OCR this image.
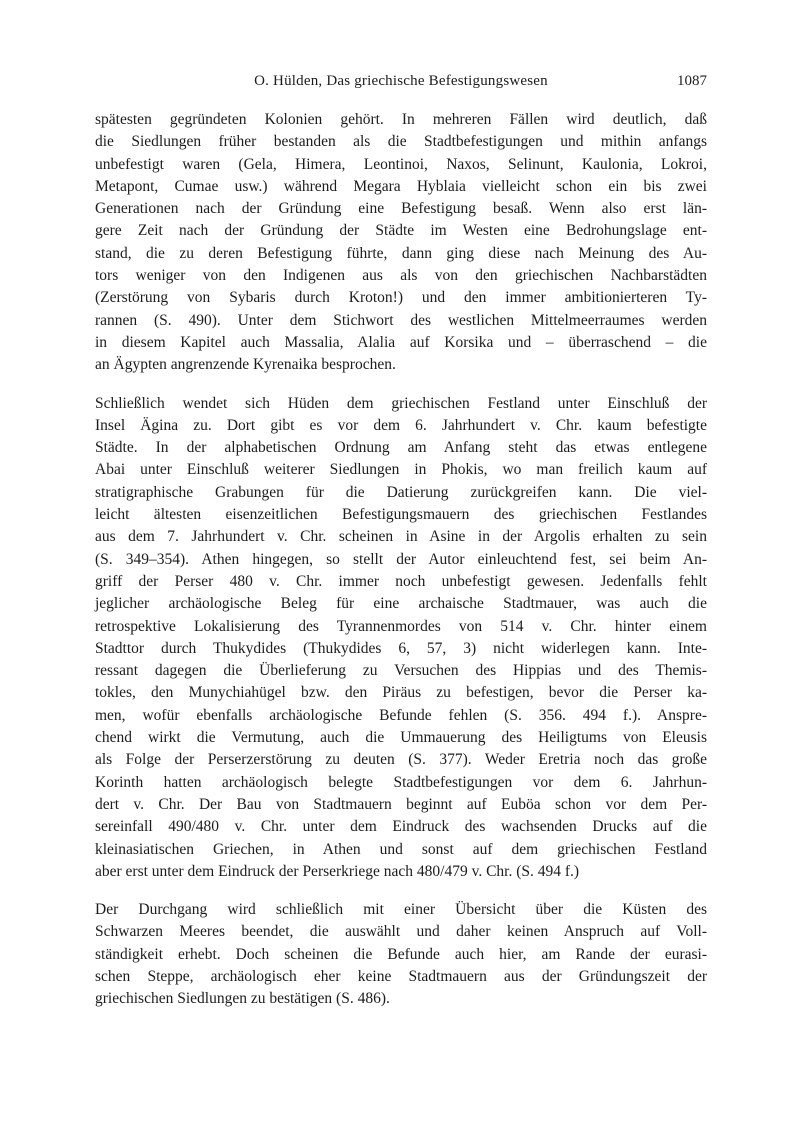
O. Hülden, Das griechische Befestigungswesen	1087
spätesten gegründeten Kolonien gehört. In mehreren Fällen wird deutlich, daß
die Siedlungen früher bestanden als die Stadtbefestigungen und mithin anfangs
unbefestigt waren (Gela, Himera, Leontinoi, Naxos, Selinunt, Kaulonia, Lokroi,
Metapont, Cumae usw.) während Megara Hyblaia vielleicht schon ein bis zwei
Generationen nach der Gründung eine Befestigung besaß. Wenn also erst län-
gere Zeit nach der Gründung der Städte im Westen eine Bedrohungslage ent-
stand, die zu deren Befestigung führte, dann ging diese nach Meinung des Au-
tors weniger von den Indigenen aus als von den griechischen Nachbarstädten
(Zerstörung von Sybaris durch Kroton!) und den immer ambitionierteren Ty-
rannen (S. 490). Unter dem Stichwort des westlichen Mittelmeerraumes werden
in diesem Kapitel auch Massalia, Alalia auf Korsika und – überraschend – die
an Ägypten angrenzende Kyrenaika besprochen.
Schließlich wendet sich Hüden dem griechischen Festland unter Einschluß der
Insel Ägina zu. Dort gibt es vor dem 6. Jahrhundert v. Chr. kaum befestigte
Städte. In der alphabetischen Ordnung am Anfang steht das etwas entlegene
Abai unter Einschluß weiterer Siedlungen in Phokis, wo man freilich kaum auf
stratigraphische Grabungen für die Datierung zurückgreifen kann. Die viel-
leicht ältesten eisenzeitlichen Befestigungsmauern des griechischen Festlandes
aus dem 7. Jahrhundert v. Chr. scheinen in Asine in der Argolis erhalten zu sein
(S. 349–354). Athen hingegen, so stellt der Autor einleuchtend fest, sei beim An-
griff der Perser 480 v. Chr. immer noch unbefestigt gewesen. Jedenfalls fehlt
jeglicher archäologische Beleg für eine archaische Stadtmauer, was auch die
retrospektive Lokalisierung des Tyrannenmordes von 514 v. Chr. hinter einem
Stadttor durch Thukydides (Thukydides 6, 57, 3) nicht widerlegen kann. Inte-
ressant dagegen die Überlieferung zu Versuchen des Hippias und des Themis-
tokles, den Munychiahügel bzw. den Piräus zu befestigen, bevor die Perser ka-
men, wofür ebenfalls archäologische Befunde fehlen (S. 356. 494 f.). Anspre-
chend wirkt die Vermutung, auch die Ummauerung des Heiligtums von Eleusis
als Folge der Perserzerstörung zu deuten (S. 377). Weder Eretria noch das große
Korinth hatten archäologisch belegte Stadtbefestigungen vor dem 6. Jahrhun-
dert v. Chr. Der Bau von Stadtmauern beginnt auf Euböa schon vor dem Per-
sereinfall 490/480 v. Chr. unter dem Eindruck des wachsenden Drucks auf die
kleinasiatischen Griechen, in Athen und sonst auf dem griechischen Festland
aber erst unter dem Eindruck der Perserkriege nach 480/479 v. Chr. (S. 494 f.)
Der Durchgang wird schließlich mit einer Übersicht über die Küsten des
Schwarzen Meeres beendet, die auswählt und daher keinen Anspruch auf Voll-
ständigkeit erhebt. Doch scheinen die Befunde auch hier, am Rande der eurasi-
schen Steppe, archäologisch eher keine Stadtmauern aus der Gründungszeit der
griechischen Siedlungen zu bestätigen (S. 486).
